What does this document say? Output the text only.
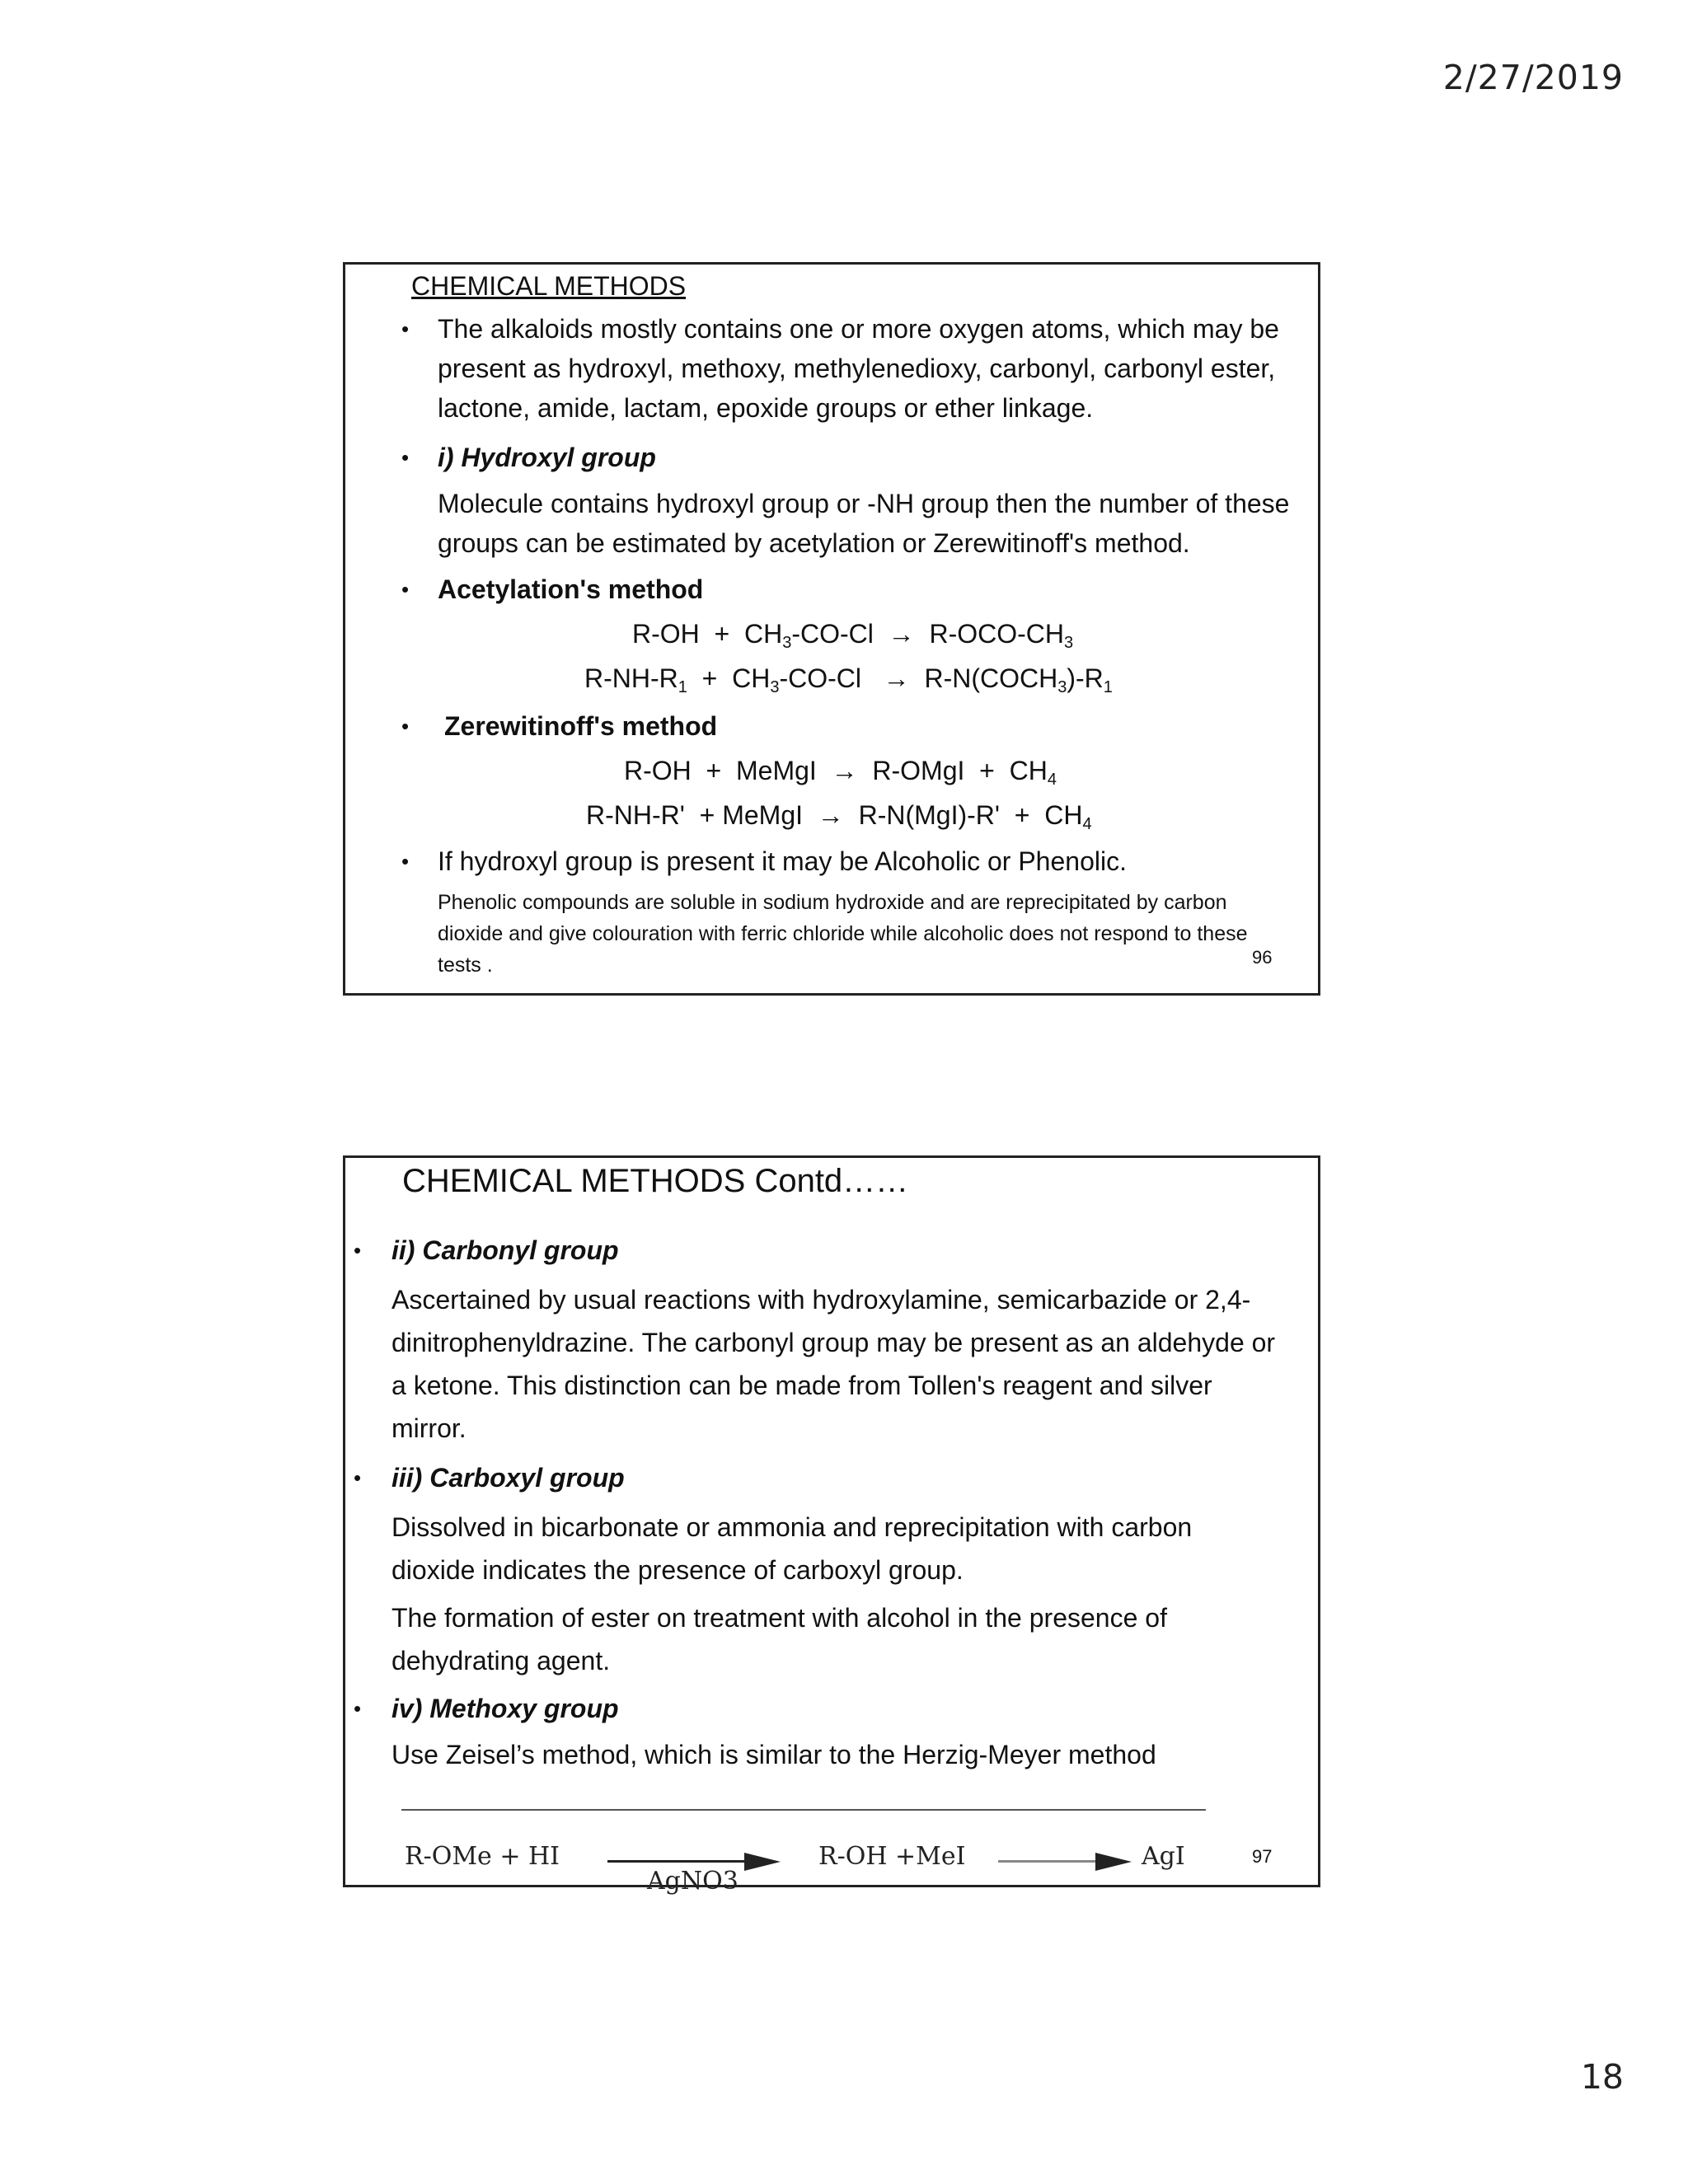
2/27/2019
CHEMICAL METHODS
• The alkaloids mostly contains one or more oxygen atoms, which may be present as hydroxyl, methoxy, methylenedioxy, carbonyl, carbonyl ester, lactone, amide, lactam, epoxide groups or ether linkage.
• i) Hydroxyl group
Molecule contains hydroxyl group or -NH group then the number of these groups can be estimated by acetylation or Zerewitinoff's method.
• Acetylation's method
$R-OH + CH_3-CO-Cl \to R-OCO-CH_3$
$R-NH-R_1 + CH_3-CO-Cl$   →  $R-N(COCH_3)-R_1$
• Zerewitinoff's method
R-OH  +  MeMgI  →  R-OMgI  +  $CH_4$
R-NH-R'  + MeMgI  →  $R-N(MgI)-R' + CH_4$
• If hydroxyl group is present it may be Alcoholic or Phenolic.
Phenolic compounds are soluble in sodium hydroxide and are reprecipitated by carbon dioxide and give colouration with ferric chloride while alcoholic does not respond to these tests .	96
CHEMICAL METHODS Contd……
• ii) Carbonyl group
Ascertained by usual reactions with hydroxylamine, semicarbazide or 2,4-dinitrophenyldrazine. The carbonyl group may be present as an aldehyde or a ketone. This distinction can be made from Tollen's reagent and silver mirror.
• iii) Carboxyl group
Dissolved in bicarbonate or ammonia and reprecipitation with carbon dioxide indicates the presence of carboxyl group.
The formation of ester on treatment with alcohol in the presence of dehydrating agent.
• iv) Methoxy group
Use Zeisel’s method, which is similar to the Herzig-Meyer method
R-OMe + HI
AgNO3
R-OH +MeI	AgI	97
18
